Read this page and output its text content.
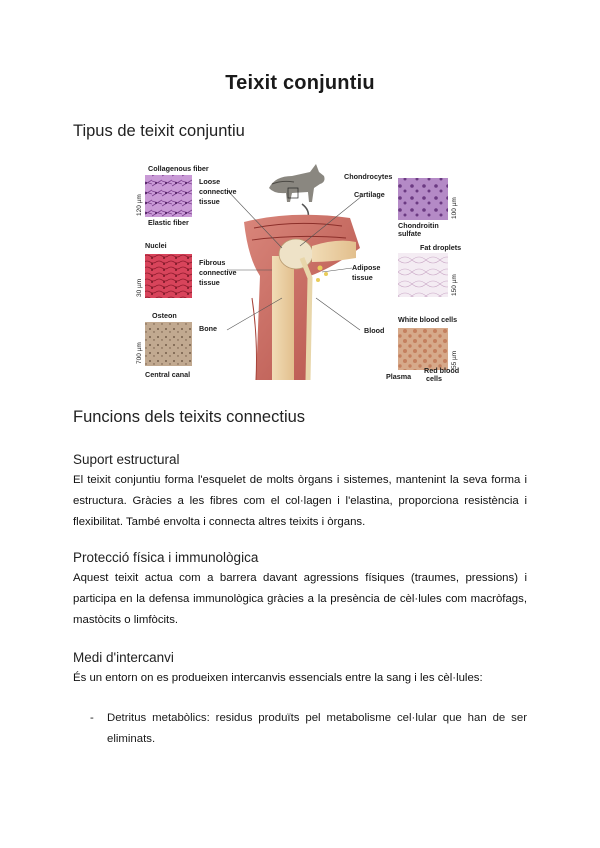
Teixit conjuntiu
Tipus de teixit conjuntiu
Collagenous fiber
Elastic fiber
Loose
connective
tissue
Nuclei
Fibrous
connective
tissue
Osteon
Bone
Central canal
Chondrocytes
Cartilage
Chondroitin
sulfate
Fat droplets
Adipose
tissue
Blood
White blood cells
Plasma
Red blood
cells
120 µm
30 µm
700 µm
100 µm
150 µm
55 µm
Funcions dels teixits connectius
Suport estructural
El teixit conjuntiu forma l'esquelet de molts òrgans i sistemes, mantenint la seva forma i estructura. Gràcies a les fibres com el col·lagen i l'elastina, proporciona resistència i flexibilitat. També envolta i connecta altres teixits i òrgans.
Protecció física i immunològica
Aquest teixit actua com a barrera davant agressions físiques (traumes, pressions) i participa en la defensa immunològica gràcies a la presència de cèl·lules com macròfags, mastòcits o limfòcits.
Medi d'intercanvi
És un entorn on es produeixen intercanvis essencials entre la sang i les cèl·lules:
- Detritus metabòlics: residus produïts pel metabolisme cel·lular que han de ser eliminats.
